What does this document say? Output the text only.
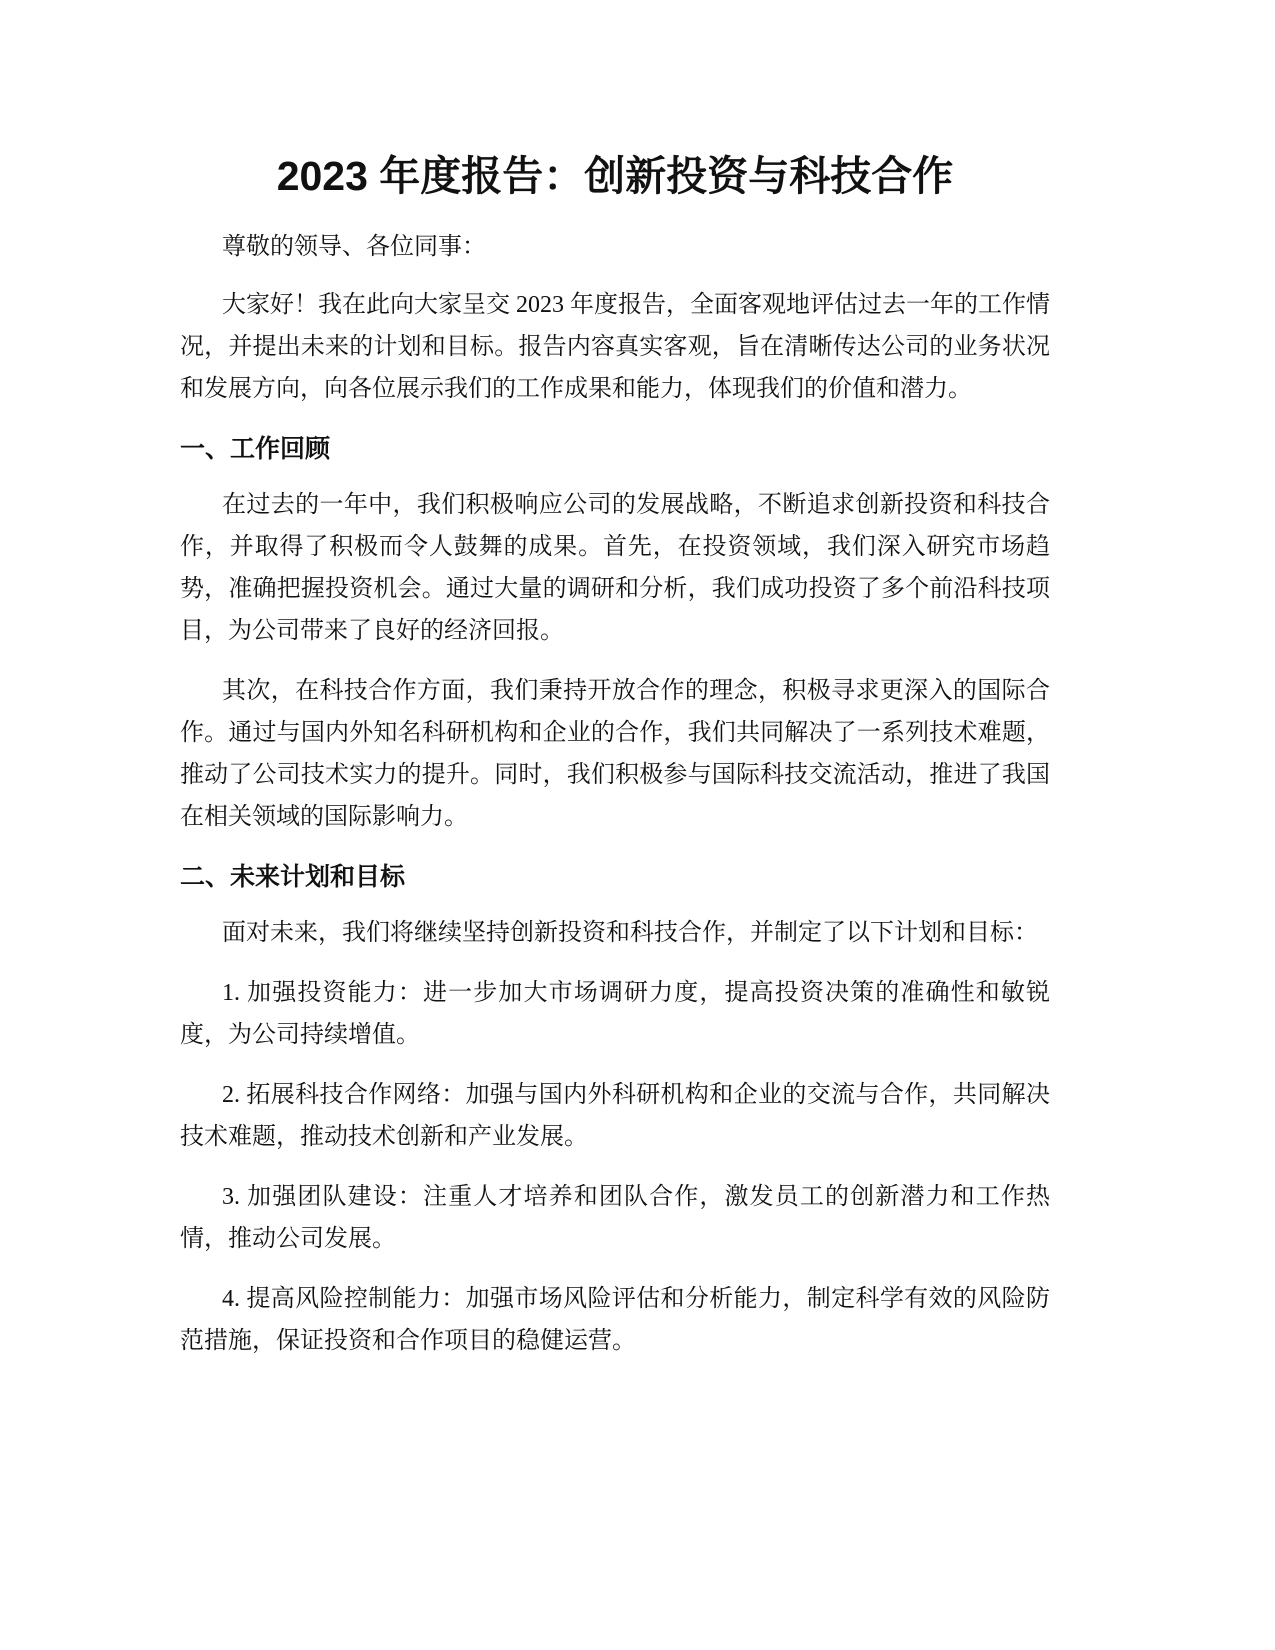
2023 年度报告：创新投资与科技合作

尊敬的领导、各位同事：

大家好！我在此向大家呈交 2023 年度报告，全面客观地评估过去一年的工作情况，并提出未来的计划和目标。报告内容真实客观，旨在清晰传达公司的业务状况和发展方向，向各位展示我们的工作成果和能力，体现我们的价值和潜力。

一、工作回顾

在过去的一年中，我们积极响应公司的发展战略，不断追求创新投资和科技合作，并取得了积极而令人鼓舞的成果。首先，在投资领域，我们深入研究市场趋势，准确把握投资机会。通过大量的调研和分析，我们成功投资了多个前沿科技项目，为公司带来了良好的经济回报。

其次，在科技合作方面，我们秉持开放合作的理念，积极寻求更深入的国际合作。通过与国内外知名科研机构和企业的合作，我们共同解决了一系列技术难题，推动了公司技术实力的提升。同时，我们积极参与国际科技交流活动，推进了我国在相关领域的国际影响力。

二、未来计划和目标

面对未来，我们将继续坚持创新投资和科技合作，并制定了以下计划和目标：

1. 加强投资能力：进一步加大市场调研力度，提高投资决策的准确性和敏锐度，为公司持续增值。

2. 拓展科技合作网络：加强与国内外科研机构和企业的交流与合作，共同解决技术难题，推动技术创新和产业发展。

3. 加强团队建设：注重人才培养和团队合作，激发员工的创新潜力和工作热情，推动公司发展。

4. 提高风险控制能力：加强市场风险评估和分析能力，制定科学有效的风险防范措施，保证投资和合作项目的稳健运营。
